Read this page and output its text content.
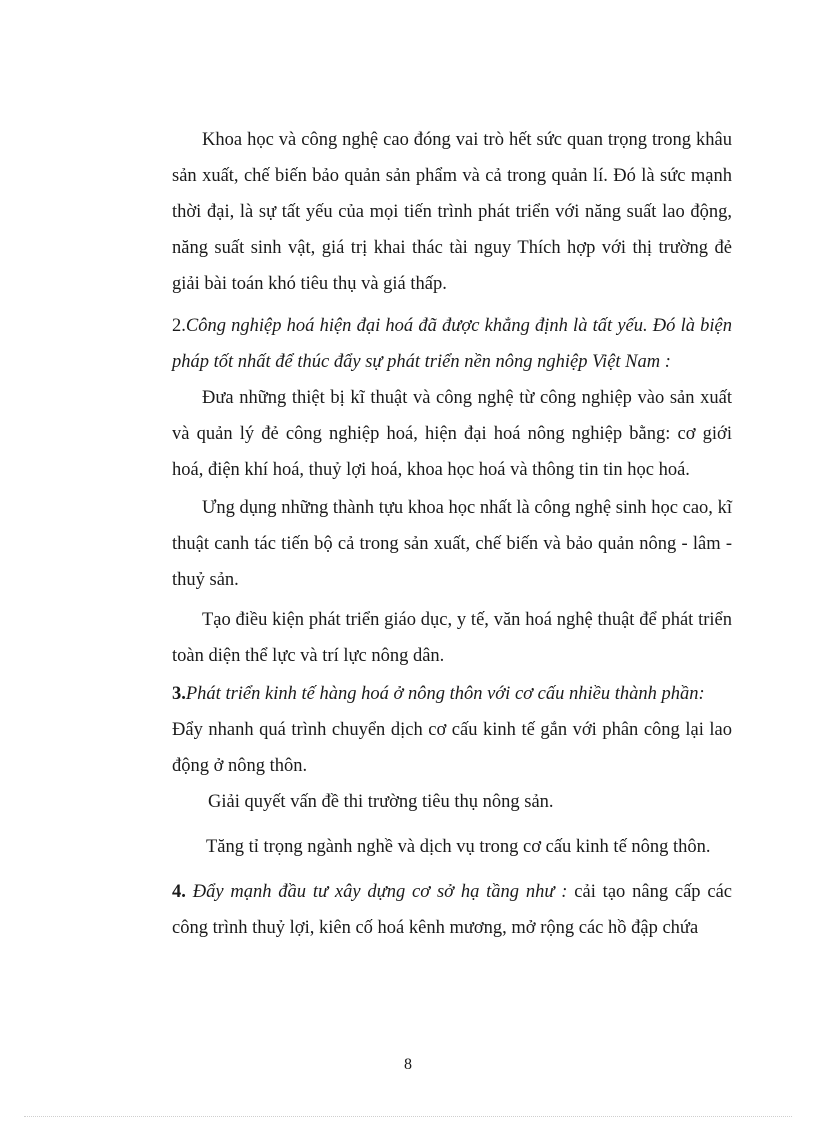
Khoa học và công nghệ cao đóng vai trò hết sức quan trọng trong khâu sản xuất, chế biến bảo quản sản phẩm và cả trong quản lí. Đó là sức mạnh thời đại, là sự tất yếu của mọi tiến trình phát triển với năng suất lao động, năng suất sinh vật, giá trị khai thác tài nguy Thích hợp với thị trường đẻ giải bài toán khó tiêu thụ và giá thấp.

2.Công nghiệp hoá hiện đại hoá đã được khẳng định là tất yếu. Đó là biện pháp tốt nhất để thúc đẩy sự phát triển nền nông nghiệp Việt Nam :

Đưa những thiệt bị kĩ thuật và công nghệ từ công nghiệp vào sản xuất và quản lý đẻ công nghiệp hoá, hiện đại hoá nông nghiệp bằng: cơ giới hoá, điện khí hoá, thuỷ lợi hoá, khoa học hoá và thông tin tin học hoá.

Ưng dụng những thành tựu khoa học nhất là công nghệ sinh học cao, kĩ thuật canh tác tiến bộ cả trong sản xuất, chế biến và bảo quản nông - lâm - thuỷ sản.

Tạo điều kiện phát triển giáo dục, y tế, văn hoá nghệ thuật để phát triển toàn diện thể lực và trí lực nông dân.

3.Phát triển kinh tế hàng hoá ở nông thôn với cơ cấu nhiều thành phần:

Đẩy nhanh quá trình chuyển dịch cơ cấu kinh tế gắn với phân công lại lao động ở nông thôn.

Giải quyết vấn đề thi trường tiêu thụ nông sản.

Tăng tỉ trọng ngành nghề và dịch vụ trong cơ cấu kinh tế nông thôn.

4. Đẩy mạnh đầu tư xây dựng cơ sở hạ tầng như : cải tạo nâng cấp các công trình thuỷ lợi, kiên cố hoá kênh mương, mở rộng các hồ đập chứa

8
